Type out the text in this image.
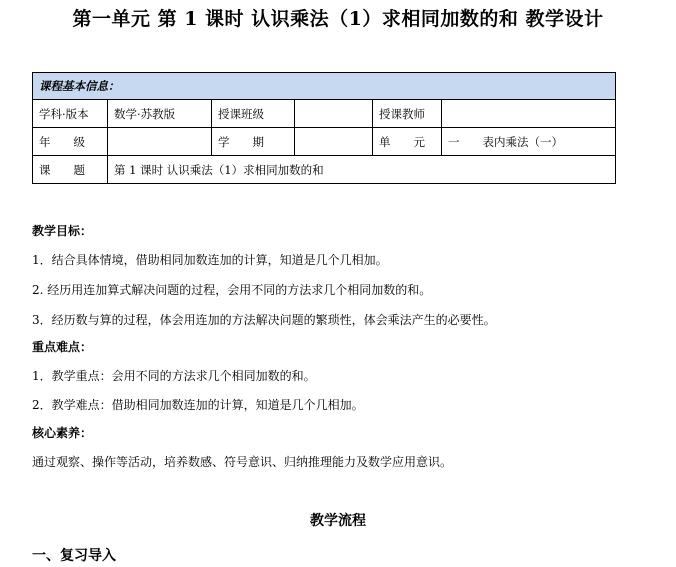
第一单元 第 1 课时 认识乘法（1）求相同加数的和 教学设计
课程基本信息：					
学科·版本	数学·苏教版	授课班级		授课教师	
年　　级		学　　期		单　　元	一　　表内乘法（一）
课　　题	第 1 课时 认识乘法（1）求相同加数的和				
教学目标：
1．结合具体情境，借助相同加数连加的计算，知道是几个几相加。
2. 经历用连加算式解决问题的过程，会用不同的方法求几个相同加数的和。
3．经历数与算的过程，体会用连加的方法解决问题的繁琐性，体会乘法产生的必要性。
重点难点：
1．教学重点：会用不同的方法求几个相同加数的和。
2．教学难点：借助相同加数连加的计算，知道是几个几相加。
核心素养：
通过观察、操作等活动，培养数感、符号意识、归纳推理能力及数学应用意识。
教学流程
一、复习导入
